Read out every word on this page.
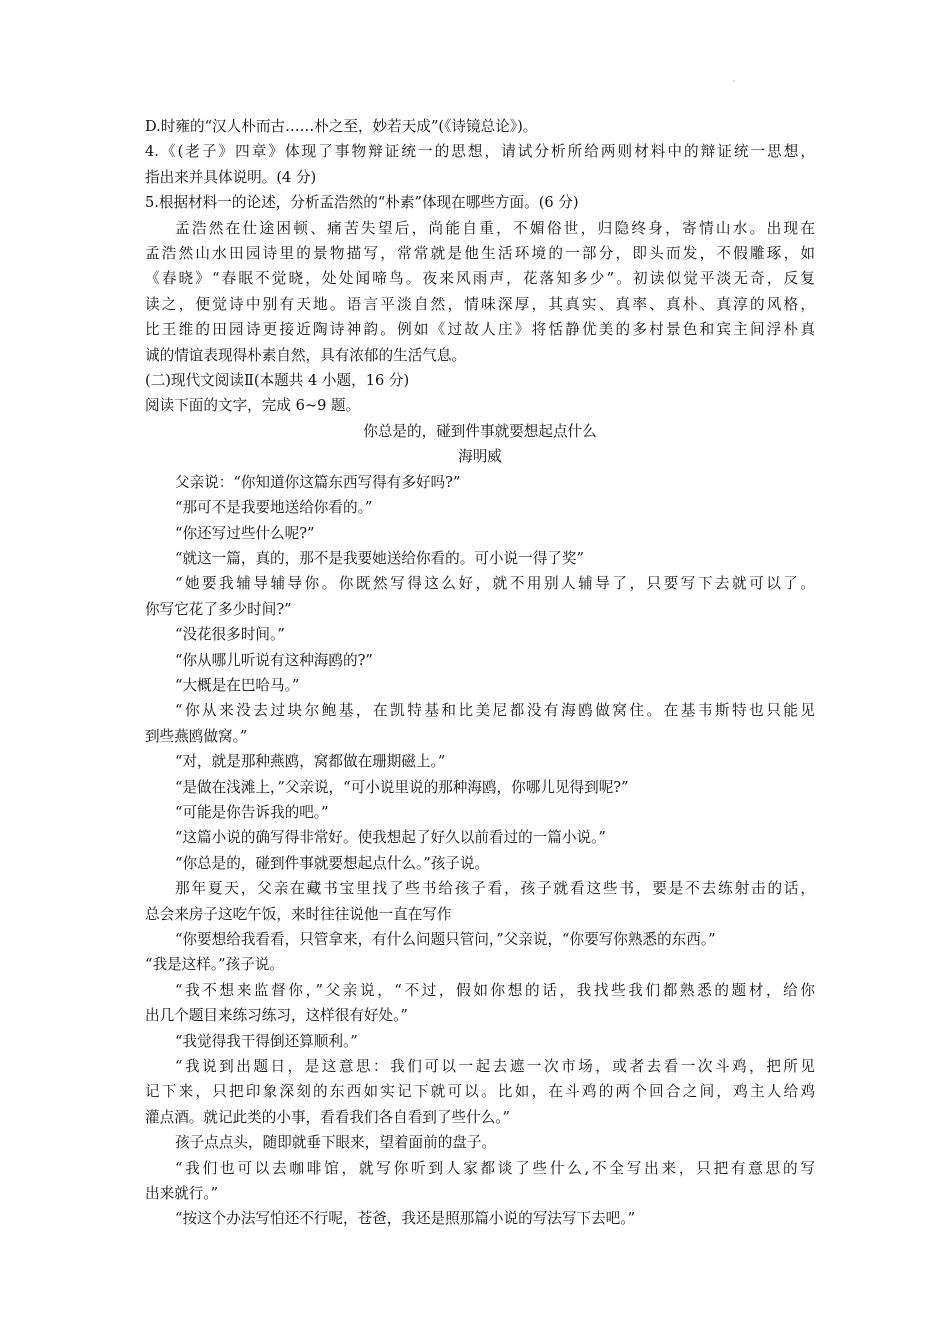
D.时雍的“汉人朴而古……朴之至，妙若天成”(《诗镜总论》)。
4.《(老子》四章》体现了事物辩证统一的思想，请试分析所给两则材料中的辩证统一思想，
指出来并具体说明。(4 分)
5.根据材料一的论述，分析孟浩然的“朴素”体现在哪些方面。(6 分)
孟浩然在仕途困顿、痛苦失望后，尚能自重，不媚俗世，归隐终身，寄情山水。出现在
孟浩然山水田园诗里的景物描写，常常就是他生活环境的一部分，即头而发，不假雕琢，如
《春晓》“春眠不觉晓，处处闻啼鸟。夜来风雨声，花落知多少”。初读似觉平淡无奇，反复
读之，便觉诗中别有天地。语言平淡自然，情味深厚，其真实、真率、真朴、真淳的风格，
比王维的田园诗更接近陶诗神韵。例如《过故人庄》将恬静优美的多村景色和宾主间浮朴真
诚的情谊表现得朴素自然，具有浓郁的生活气息。
(二)现代文阅读Ⅱ(本题共 4 小题，16 分)
阅读下面的文字，完成 6~9 题。
你总是的，碰到件事就要想起点什么
海明威
父亲说：“你知道你这篇东西写得有多好吗?”
“那可不是我要地送给你看的。”
“你还写过些什么呢?”
“就这一篇，真的，那不是我要她送给你看的。可小说一得了奖”
“她要我辅导辅导你。你既然写得这么好，就不用别人辅导了，只要写下去就可以了。
你写它花了多少时间?”
“没花很多时间。”
“你从哪儿听说有这种海鸥的?”
“大概是在巴哈马。”
“你从来没去过块尔鲍基，在凯特基和比美尼都没有海鸥做窝住。在基韦斯特也只能见
到些燕鸥做窝。”
“对，就是那种燕鸥，窝都做在珊期磁上。”
“是做在浅滩上，”父亲说，“可小说里说的那种海鸥，你哪儿见得到呢?”
“可能是你告诉我的吧。”
“这篇小说的确写得非常好。使我想起了好久以前看过的一篇小说。”
“你总是的，碰到件事就要想起点什么。”孩子说。
那年夏天，父亲在藏书宝里找了些书给孩子看，孩子就看这些书，要是不去练射击的话，
总会来房子这吃午饭，来时往往说他一直在写作
“你要想给我看看，只管拿来，有什么问题只管问，”父亲说，“你要写你熟悉的东西。”
“我是这样。”孩子说。
“我不想来监督你，”父亲说，“不过，假如你想的话，我找些我们都熟悉的题材，给你
出几个题目来练习练习，这样很有好处。”
“我觉得我干得倒还算顺利。”
“我说到出题日，是这意思：我们可以一起去遮一次市场，或者去看一次斗鸡，把所见
记下来，只把印象深刻的东西如实记下就可以。比如，在斗鸡的两个回合之间，鸡主人给鸡
灌点酒。就记此类的小事，看看我们各自看到了些什么。”
孩子点点头，随即就垂下眼来，望着面前的盘子。
“我们也可以去咖啡馆，就写你听到人家都谈了些什么,不全写出来，只把有意思的写
出来就行。”
“按这个办法写怕还不行呢，苍爸，我还是照那篇小说的写法写下去吧。”
